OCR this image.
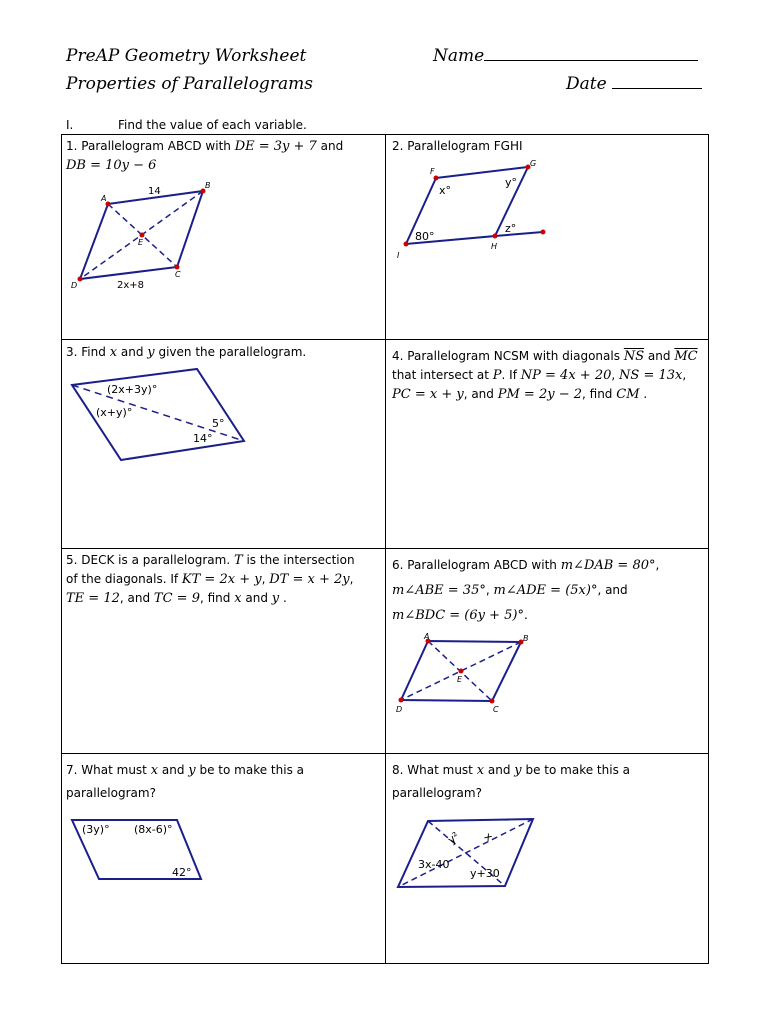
PreAP Geometry Worksheet
Properties of Parallelograms
Name
Date
I.	Find the value of each variable.
1. Parallelogram ABCD with DE = 3y + 7 and
DB = 10y − 6
A
B
C
D
E
14
2x+8
2. Parallelogram FGHI
F
G
H
I
x°
y°
z°
80°
3. Find x and y given the parallelogram.
(2x+3y)°
(x+y)°
5°
14°
4. Parallelogram NCSM with diagonals $\overline{NS}$ and $\overline{MC}$
that intersect at P. If NP = 4x + 20, NS = 13x,
PC = x + y, and PM = 2y − 2, find CM .
5. DECK is a parallelogram. T is the intersection
of the diagonals. If KT = 2x + y, DT = x + 2y,
TE = 12, and TC = 9, find x and y .
6. Parallelogram ABCD with m∠DAB = 80°,
m∠ABE = 35°, m∠ADE = (5x)°, and
m∠BDC = (6y + 5)°.
A	B
C
D
E
7. What must x and y be to make this a
parallelogram?
(3y)° (8x-6)°
42°
8. What must x and y be to make this a
parallelogram?
y² x
3x-40
y+30
